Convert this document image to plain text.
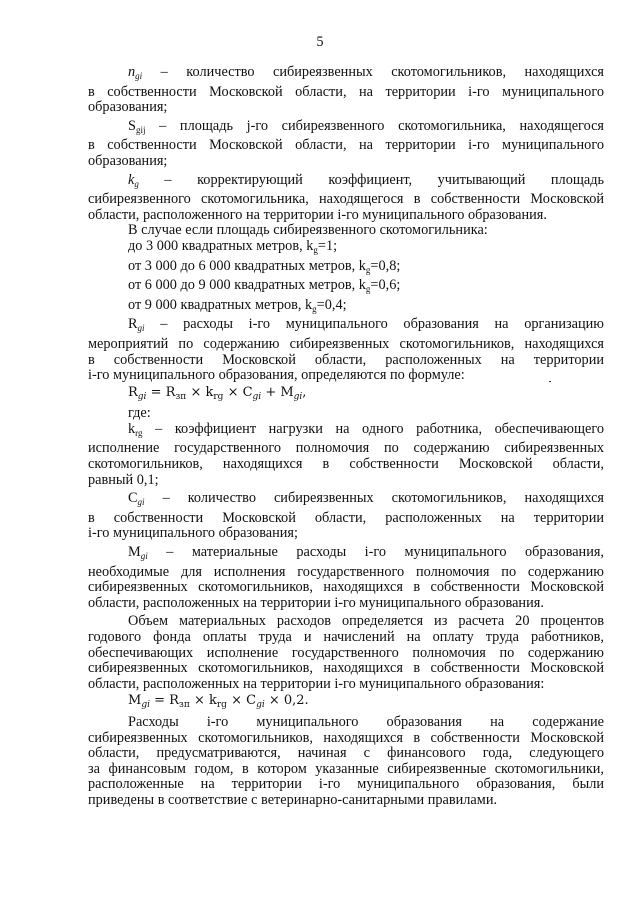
5
$n_{gi}$ – количество сибиреязвенных скотомогильников, находящихся
в собственности Московской области, на территории i-го муниципального
образования;
$S_{gij}$ – площадь j-го сибиреязвенного скотомогильника, находящегося
в собственности Московской области, на территории i-го муниципального
образования;
$k_g$ – корректирующий коэффициент, учитывающий площадь
сибиреязвенного скотомогильника, находящегося в собственности Московской
области, расположенного на территории i-го муниципального образования.
В случае если площадь сибиреязвенного скотомогильника:
до 3 000 квадратных метров, $k_g=1$;
от 3 000 до 6 000 квадратных метров, $k_g=0,8$;
от 6 000 до 9 000 квадратных метров, $k_g=0,6$;
от 9 000 квадратных метров, $k_g=0,4$;
$R_{gi}$ – расходы i-го муниципального образования на организацию
мероприятий по содержанию сибиреязвенных скотомогильников, находящихся
в собственности Московской области, расположенных на территории
i-го муниципального образования, определяются по формуле:
$R_{gi} = R_{зп} \times k_{rg} \times C_{gi} + M_{gi}$,
где:
$k_{rg}$ – коэффициент нагрузки на одного работника, обеспечивающего
исполнение государственного полномочия по содержанию сибиреязвенных
скотомогильников, находящихся в собственности Московской области,
равный 0,1;
$C_{gi}$ – количество сибиреязвенных скотомогильников, находящихся
в собственности Московской области, расположенных на территории
i-го муниципального образования;
$M_{gi}$ – материальные расходы i-го муниципального образования,
необходимые для исполнения государственного полномочия по содержанию
сибиреязвенных скотомогильников, находящихся в собственности Московской
области, расположенных на территории i-го муниципального образования.
Объем материальных расходов определяется из расчета 20 процентов
годового фонда оплаты труда и начислений на оплату труда работников,
обеспечивающих исполнение государственного полномочия по содержанию
сибиреязвенных скотомогильников, находящихся в собственности Московской
области, расположенных на территории i-го муниципального образования:
$M_{gi} = R_{зп} \times k_{rg} \times C_{gi} \times 0,2$.
Расходы i-го муниципального образования на содержание
сибиреязвенных скотомогильников, находящихся в собственности Московской
области, предусматриваются, начиная с финансового года, следующего
за финансовым годом, в котором указанные сибиреязвенные скотомогильники,
расположенные на территории i-го муниципального образования, были
приведены в соответствие с ветеринарно-санитарными правилами.
